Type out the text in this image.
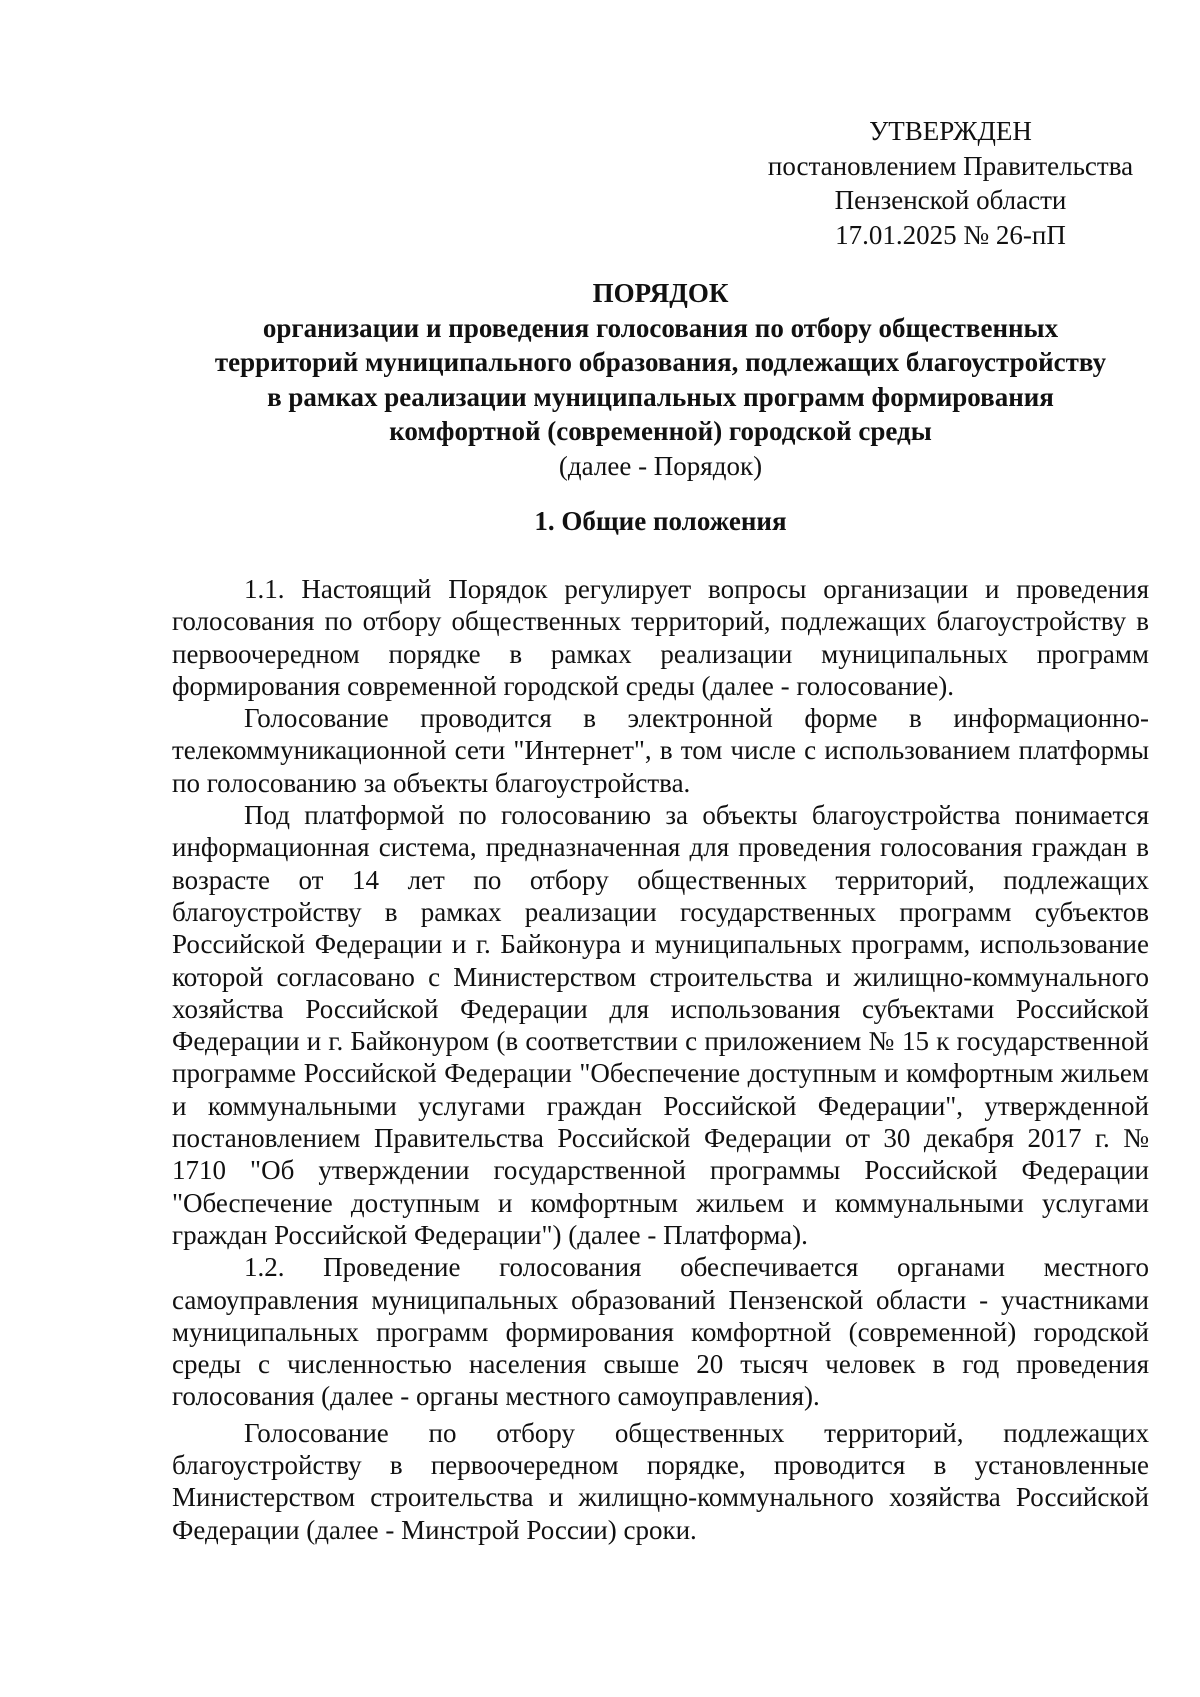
УТВЕРЖДЕН
постановлением Правительства
Пензенской области
17.01.2025 № 26-пП
ПОРЯДОК
организации и проведения голосования по отбору общественных
территорий муниципального образования, подлежащих благоустройству
в рамках реализации муниципальных программ формирования
комфортной (современной) городской среды
(далее - Порядок)
1. Общие положения

1.1. Настоящий Порядок регулирует вопросы организации и проведения голосования по отбору общественных территорий, подлежащих благоустройству в первоочередном порядке в рамках реализации муниципальных программ формирования современной городской среды (далее - голосование).

Голосование проводится в электронной форме в информационно-телекоммуникационной сети "Интернет", в том числе с использованием платформы по голосованию за объекты благоустройства.

Под платформой по голосованию за объекты благоустройства понимается информационная система, предназначенная для проведения голосования граждан в возрасте от 14 лет по отбору общественных территорий, подлежащих благоустройству в рамках реализации государственных программ субъектов Российской Федерации и г. Байконура и муниципальных программ, использование которой согласовано с Министерством строительства и жилищно-коммунального хозяйства Российской Федерации для использования субъектами Российской Федерации и г. Байконуром (в соответствии с приложением № 15 к государственной программе Российской Федерации "Обеспечение доступным и комфортным жильем и коммунальными услугами граждан Российской Федерации", утвержденной постановлением Правительства Российской Федерации от 30 декабря 2017 г. № 1710 "Об утверждении государственной программы Российской Федерации "Обеспечение доступным и комфортным жильем и коммунальными услугами граждан Российской Федерации") (далее - Платформа).

1.2. Проведение голосования обеспечивается органами местного самоуправления муниципальных образований Пензенской области - участниками муниципальных программ формирования комфортной (современной) городской среды с численностью населения свыше 20 тысяч человек в год проведения голосования (далее - органы местного самоуправления).

Голосование по отбору общественных территорий, подлежащих благоустройству в первоочередном порядке, проводится в установленные Министерством строительства и жилищно-коммунального хозяйства Российской Федерации (далее - Минстрой России) сроки.
